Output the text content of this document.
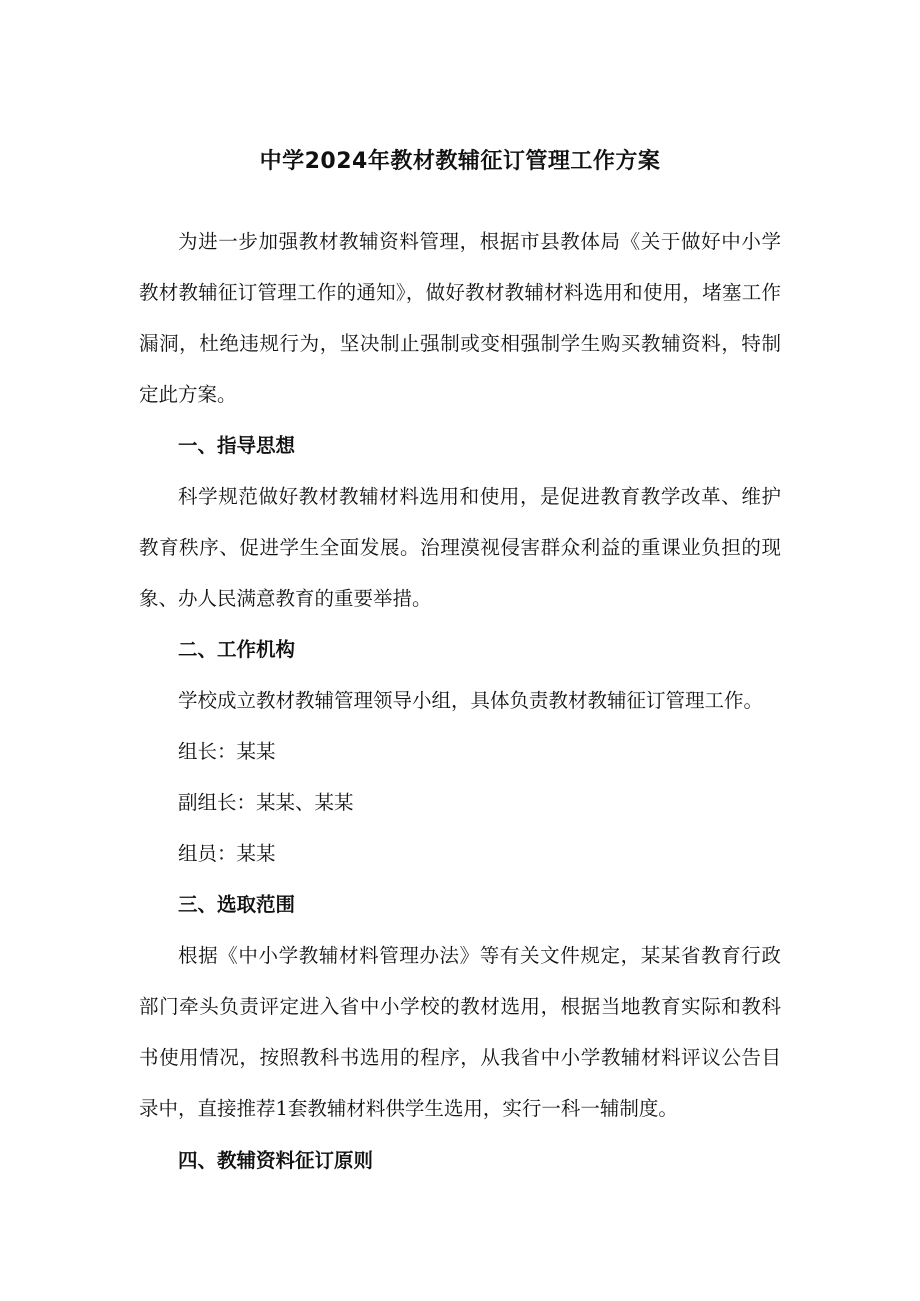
中学2024年教材教辅征订管理工作方案

为进一步加强教材教辅资料管理，根据市县教体局《关于做好中小学教材教辅征订管理工作的通知》，做好教材教辅材料选用和使用，堵塞工作漏洞，杜绝违规行为，坚决制止强制或变相强制学生购买教辅资料，特制定此方案。

一、指导思想

科学规范做好教材教辅材料选用和使用，是促进教育教学改革、维护教育秩序、促进学生全面发展。治理漠视侵害群众利益的重课业负担的现象、办人民满意教育的重要举措。

二、工作机构

学校成立教材教辅管理领导小组，具体负责教材教辅征订管理工作。

组长：某某

副组长：某某、某某

组员：某某

三、选取范围

根据《中小学教辅材料管理办法》等有关文件规定，某某省教育行政部门牵头负责评定进入省中小学校的教材选用，根据当地教育实际和教科书使用情况，按照教科书选用的程序，从我省中小学教辅材料评议公告目录中，直接推荐1套教辅材料供学生选用，实行一科一辅制度。

四、教辅资料征订原则
